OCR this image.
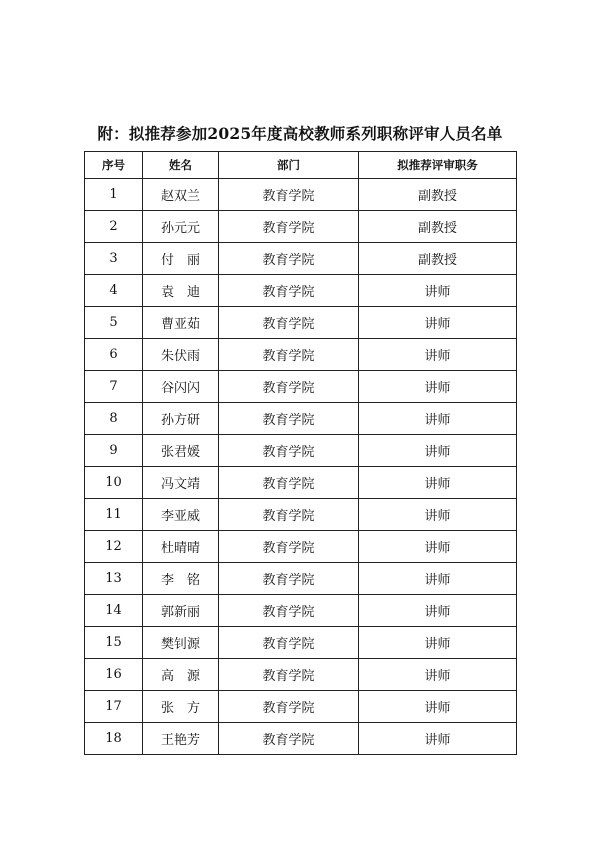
附：拟推荐参加2025年度高校教师系列职称评审人员名单
序号	姓名	部门	拟推荐评审职务
1	赵双兰	教育学院	副教授
2	孙元元	教育学院	副教授
3	付　丽	教育学院	副教授
4	袁　迪	教育学院	讲师
5	曹亚茹	教育学院	讲师
6	朱伏雨	教育学院	讲师
7	谷闪闪	教育学院	讲师
8	孙方研	教育学院	讲师
9	张君媛	教育学院	讲师
10	冯文靖	教育学院	讲师
11	李亚威	教育学院	讲师
12	杜晴晴	教育学院	讲师
13	李　铭	教育学院	讲师
14	郭新丽	教育学院	讲师
15	樊钊源	教育学院	讲师
16	高　源	教育学院	讲师
17	张　方	教育学院	讲师
18	王艳芳	教育学院	讲师
